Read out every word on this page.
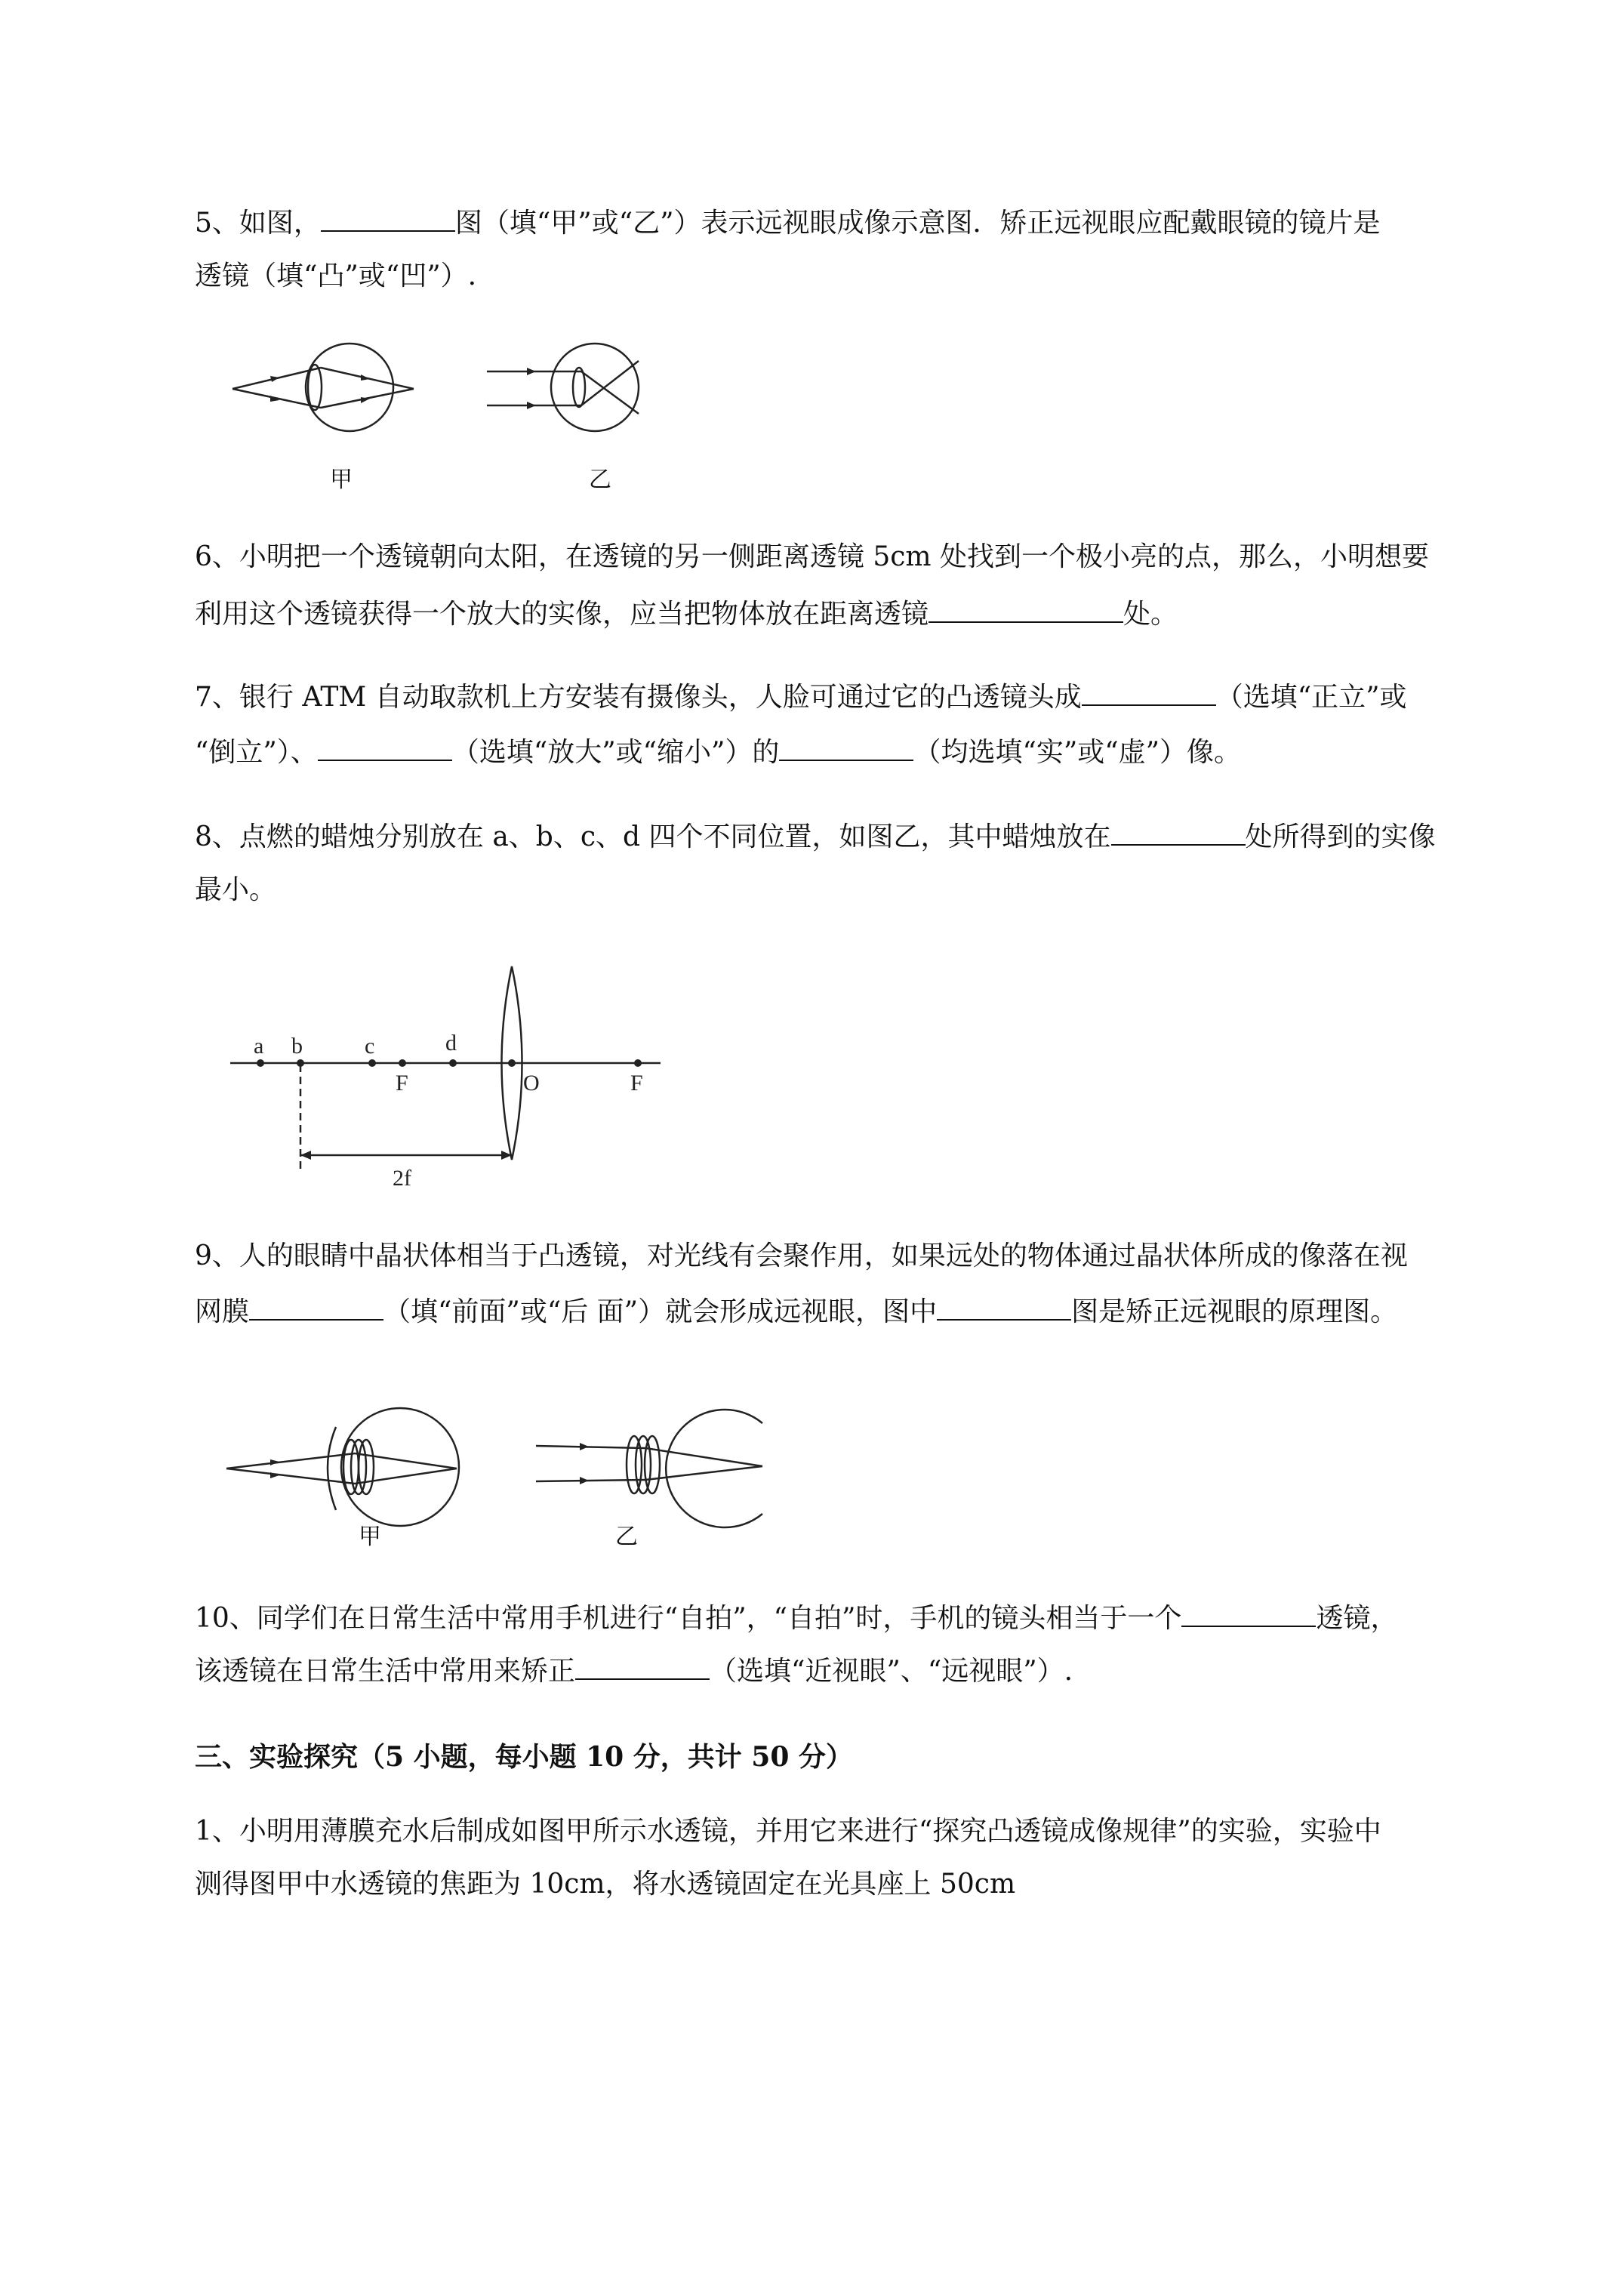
5、如图，	图（填“甲”或“乙”）表示远视眼成像示意图．矫正远视眼应配戴眼镜的镜片是
透镜（填“凸”或“凹”）.
甲	乙
6、小明把一个透镜朝向太阳，在透镜的另一侧距离透镜 5cm 处找到一个极小亮的点，那么，小明想要
利用这个透镜获得一个放大的实像，应当把物体放在距离透镜	处。
7、银行 ATM 自动取款机上方安装有摄像头，人脸可通过它的凸透镜头成	（选填“正立”或
“倒立”）、	（选填“放大”或“缩小”）的	（均选填“实”或“虚”）像。
8、点燃的蜡烛分别放在 a、b、c、d 四个不同位置，如图乙，其中蜡烛放在	处所得到的实像
最小。
a b	c	d
F	O	F
2f
9、人的眼睛中晶状体相当于凸透镜，对光线有会聚作用，如果远处的物体通过晶状体所成的像落在视
网膜	（填“前面”或“后 面”）就会形成远视眼，图中	图是矫正远视眼的原理图。
甲	乙
10、同学们在日常生活中常用手机进行“自拍”，“自拍”时，手机的镜头相当于一个	透镜，
该透镜在日常生活中常用来矫正	（选填“近视眼”、“远视眼”）.
三、实验探究（5 小题，每小题 10 分，共计 50 分）
1、小明用薄膜充水后制成如图甲所示水透镜，并用它来进行“探究凸透镜成像规律”的实验，实验中
测得图甲中水透镜的焦距为 10cm，将水透镜固定在光具座上 50cm
